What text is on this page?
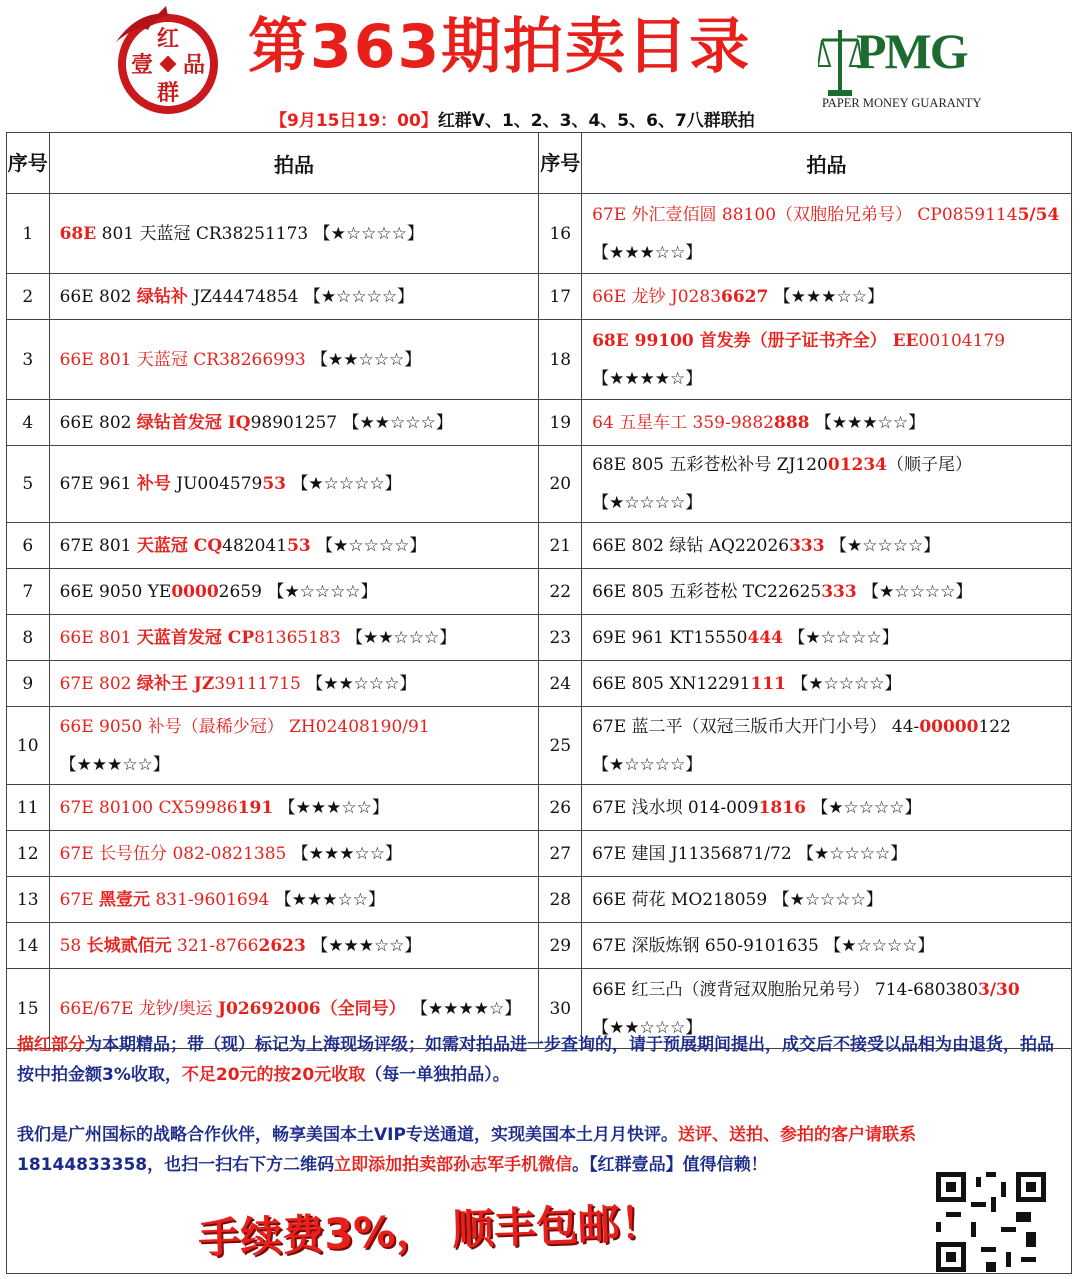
红
壹 品
群
第363期拍卖目录	PMG
PAPER MONEY GUARANTY
【9月15日19：00】红群V、1、2、3、4、5、6、7八群联拍
序号	拍品	序号	拍品
1	68E 801 天蓝冠 CR38251173 【★☆☆☆☆】	16	67E 外汇壹佰圆 88100（双胞胎兄弟号） CP08591145/54 【★★★☆☆】
2	66E 802 绿钻补 JZ44474854 【★☆☆☆☆】	17	66E 龙钞 J02836627 【★★★☆☆】
3	66E 801 天蓝冠 CR38266993 【★★☆☆☆】	18	68E 99100 首发券（册子证书齐全） EE00104179 【★★★★☆】
4	66E 802 绿钻首发冠 IQ98901257 【★★☆☆☆】	19	64 五星车工 359-9882888 【★★★☆☆】
5	67E 961 补号 JU00457953 【★☆☆☆☆】	20	68E 805 五彩苍松补号 ZJ12001234（顺子尾） 【★☆☆☆☆】
6	67E 801 天蓝冠 CQ48204153 【★☆☆☆☆】	21	66E 802 绿钻 AQ22026333 【★☆☆☆☆】
7	66E 9050 YE00002659 【★☆☆☆☆】	22	66E 805 五彩苍松 TC22625333 【★☆☆☆☆】
8	66E 801 天蓝首发冠 CP81365183 【★★☆☆☆】	23	69E 961 KT15550444 【★☆☆☆☆】
9	67E 802 绿补王 JZ39111715 【★★☆☆☆】	24	66E 805 XN12291111 【★☆☆☆☆】
10	66E 9050 补号（最稀少冠） ZH02408190/91 【★★★☆☆】	25	67E 蓝二平（双冠三版币大开门小号） 44-00000122 【★☆☆☆☆】
11	67E 80100 CX59986191 【★★★☆☆】	26	67E 浅水坝 014-0091816 【★☆☆☆☆】
12	67E 长号伍分 082-0821385 【★★★☆☆】	27	67E 建国 J11356871/72 【★☆☆☆☆】
13	67E 黑壹元 831-9601694 【★★★☆☆】	28	66E 荷花 MO218059 【★☆☆☆☆】
14	58 长城贰佰元 321-87662623 【★★★☆☆】	29	67E 深版炼钢 650-9101635 【★☆☆☆☆】
15	66E/67E 龙钞/奥运 J02692006（全同号） 【★★★★☆】	30	66E 红三凸（渡背冠双胞胎兄弟号） 714-6803803/30【★★☆☆☆】

描红部分为本期精品；带（现）标记为上海现场评级；如需对拍品进一步查询的，请于预展期间提出，成交后不接受以品相为由退货，拍品按中拍金额3%收取，不足20元的按20元收取（每一单独拍品）。

我们是广州国标的战略合作伙伴，畅享美国本土VIP专送通道，实现美国本土月月快评。送评、送拍、参拍的客户请联系 18144833358，也扫一扫右下方二维码立即添加拍卖部孙志军手机微信。【红群壹品】值得信赖！

手续费3%， 顺丰包邮！
